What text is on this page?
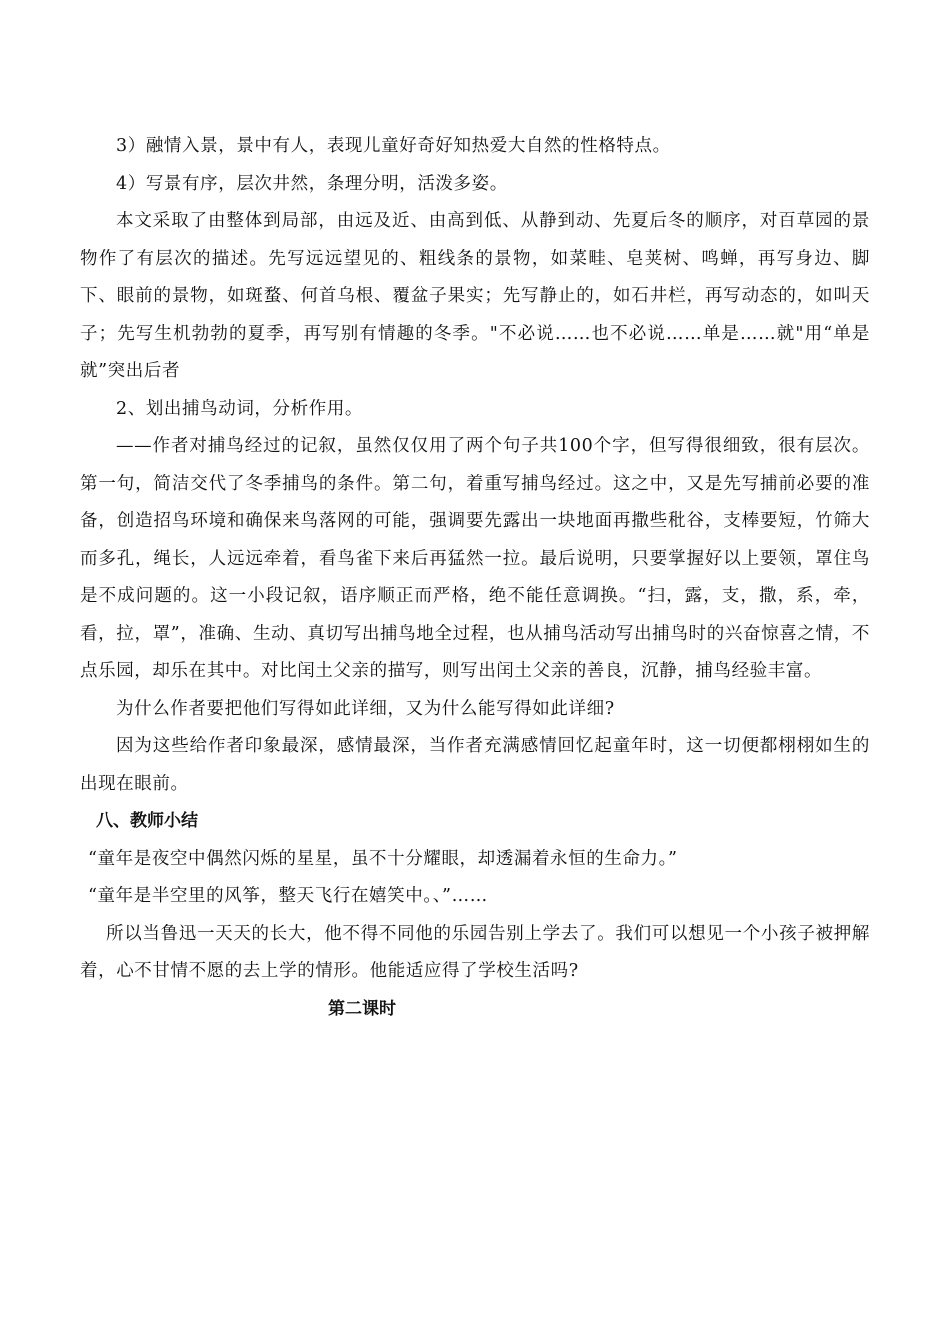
3）融情入景，景中有人，表现儿童好奇好知热爱大自然的性格特点。

4）写景有序，层次井然，条理分明，活泼多姿。

本文采取了由整体到局部，由远及近、由高到低、从静到动、先夏后冬的顺序，对百草园的景物作了有层次的描述。先写远远望见的、粗线条的景物，如菜畦、皂荚树、鸣蝉，再写身边、脚下、眼前的景物，如斑蝥、何首乌根、覆盆子果实；先写静止的，如石井栏，再写动态的，如叫天子；先写生机勃勃的夏季，再写别有情趣的冬季。"不必说……也不必说……单是……就"用“单是就”突出后者

2、划出捕鸟动词，分析作用。

——作者对捕鸟经过的记叙，虽然仅仅用了两个句子共100个字，但写得很细致，很有层次。第一句，简洁交代了冬季捕鸟的条件。第二句，着重写捕鸟经过。这之中，又是先写捕前必要的准备，创造招鸟环境和确保来鸟落网的可能，强调要先露出一块地面再撒些秕谷，支棒要短，竹筛大而多孔，绳长，人远远牵着，看鸟雀下来后再猛然一拉。最后说明，只要掌握好以上要领，罩住鸟是不成问题的。这一小段记叙，语序顺正而严格，绝不能任意调换。“扫，露，支，撒，系，牵，看，拉，罩”，准确、生动、真切写出捕鸟地全过程，也从捕鸟活动写出捕鸟时的兴奋惊喜之情，不点乐园，却乐在其中。对比闰土父亲的描写，则写出闰土父亲的善良，沉静，捕鸟经验丰富。

为什么作者要把他们写得如此详细，又为什么能写得如此详细?

因为这些给作者印象最深，感情最深，当作者充满感情回忆起童年时，这一切便都栩栩如生的出现在眼前。

八、教师小结

“童年是夜空中偶然闪烁的星星，虽不十分耀眼，却透漏着永恒的生命力。”

“童年是半空里的风筝，整天飞行在嬉笑中。、”……

所以当鲁迅一天天的长大，他不得不同他的乐园告别上学去了。我们可以想见一个小孩子被押解着，心不甘情不愿的去上学的情形。他能适应得了学校生活吗?

第二课时
